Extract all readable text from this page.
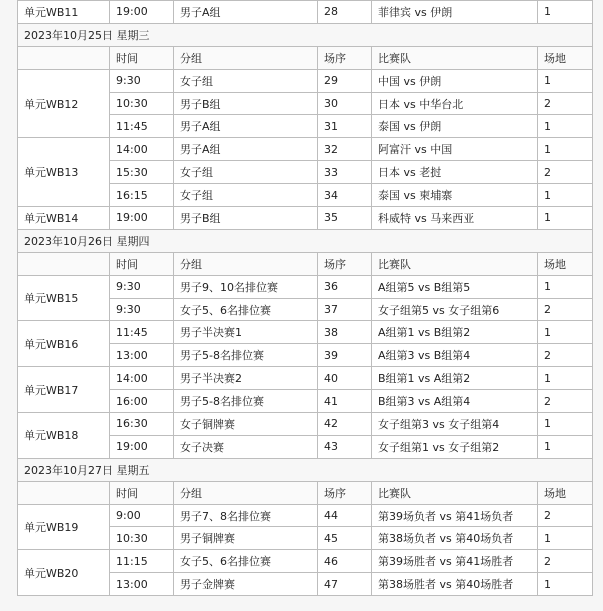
单元WB11	19:00	男子A组	28	菲律宾 vs 伊朗	1
2023年10月25日 星期三					
	时间	分组	场序	比赛队	场地
单元WB12	9:30	女子组	29	中国 vs 伊朗	1
	10:30	男子B组	30	日本 vs 中华台北	2
	11:45	男子A组	31	泰国 vs 伊朗	1
单元WB13	14:00	男子A组	32	阿富汗 vs 中国	1
	15:30	女子组	33	日本 vs 老挝	2
	16:15	女子组	34	泰国 vs 柬埔寨	1
单元WB14	19:00	男子B组	35	科威特 vs 马来西亚	1
2023年10月26日 星期四					
	时间	分组	场序	比赛队	场地
单元WB15	9:30	男子9、10名排位赛	36	A组第5 vs B组第5	1
	9:30	女子5、6名排位赛	37	女子组第5 vs 女子组第6	2
单元WB16	11:45	男子半决赛1	38	A组第1 vs B组第2	1
	13:00	男子5-8名排位赛	39	A组第3 vs B组第4	2
单元WB17	14:00	男子半决赛2	40	B组第1 vs A组第2	1
	16:00	男子5-8名排位赛	41	B组第3 vs A组第4	2
单元WB18	16:30	女子铜牌赛	42	女子组第3 vs 女子组第4	1
	19:00	女子决赛	43	女子组第1 vs 女子组第2	1
2023年10月27日 星期五					
	时间	分组	场序	比赛队	场地
单元WB19	9:00	男子7、8名排位赛	44	第39场负者 vs 第41场负者	2
	10:30	男子铜牌赛	45	第38场负者 vs 第40场负者	1
单元WB20	11:15	女子5、6名排位赛	46	第39场胜者 vs 第41场胜者	2
	13:00	男子金牌赛	47	第38场胜者 vs 第40场胜者	1
